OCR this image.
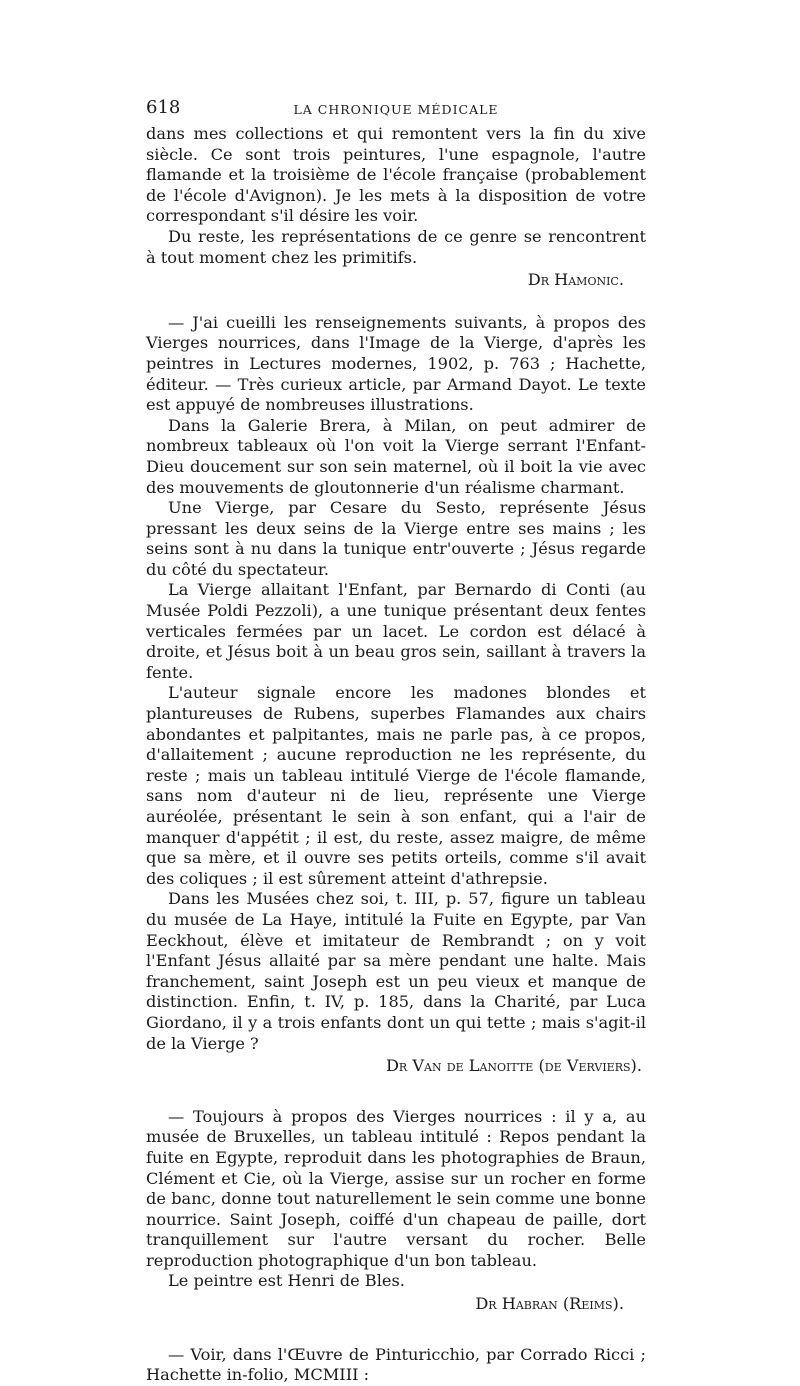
618	LA CHRONIQUE MÉDICALE

dans mes collections et qui remontent vers la fin du xive siècle. Ce sont trois peintures, l'une espagnole, l'autre flamande et la troisième de l'école française (probablement de l'école d'Avignon). Je les mets à la disposition de votre correspondant s'il désire les voir.

Du reste, les représentations de ce genre se rencontrent à tout moment chez les primitifs.

Dr Hamonic.

— J'ai cueilli les renseignements suivants, à propos des Vierges nourrices, dans l'Image de la Vierge, d'après les peintres in Lectures modernes, 1902, p. 763 ; Hachette, éditeur. — Très curieux article, par Armand Dayot. Le texte est appuyé de nombreuses illustrations.

Dans la Galerie Brera, à Milan, on peut admirer de nombreux tableaux où l'on voit la Vierge serrant l'Enfant-Dieu doucement sur son sein maternel, où il boit la vie avec des mouvements de gloutonnerie d'un réalisme charmant.

Une Vierge, par Cesare du Sesto, représente Jésus pressant les deux seins de la Vierge entre ses mains ; les seins sont à nu dans la tunique entr'ouverte ; Jésus regarde du côté du spectateur.

La Vierge allaitant l'Enfant, par Bernardo di Conti (au Musée Poldi Pezzoli), a une tunique présentant deux fentes verticales fermées par un lacet. Le cordon est délacé à droite, et Jésus boit à un beau gros sein, saillant à travers la fente.

L'auteur signale encore les madones blondes et plantureuses de Rubens, superbes Flamandes aux chairs abondantes et palpitantes, mais ne parle pas, à ce propos, d'allaitement ; aucune reproduction ne les représente, du reste ; mais un tableau intitulé Vierge de l'école flamande, sans nom d'auteur ni de lieu, représente une Vierge auréolée, présentant le sein à son enfant, qui a l'air de manquer d'appétit ; il est, du reste, assez maigre, de même que sa mère, et il ouvre ses petits orteils, comme s'il avait des coliques ; il est sûrement atteint d'athrepsie.

Dans les Musées chez soi, t. III, p. 57, figure un tableau du musée de La Haye, intitulé la Fuite en Egypte, par Van Eeckhout, élève et imitateur de Rembrandt ; on y voit l'Enfant Jésus allaité par sa mère pendant une halte. Mais franchement, saint Joseph est un peu vieux et manque de distinction. Enfin, t. IV, p. 185, dans la Charité, par Luca Giordano, il y a trois enfants dont un qui tette ; mais s'agit-il de la Vierge ?

Dr Van de Lanoitte (de Verviers).

— Toujours à propos des Vierges nourrices : il y a, au musée de Bruxelles, un tableau intitulé : Repos pendant la fuite en Egypte, reproduit dans les photographies de Braun, Clément et Cie, où la Vierge, assise sur un rocher en forme de banc, donne tout naturellement le sein comme une bonne nourrice. Saint Joseph, coiffé d'un chapeau de paille, dort tranquillement sur l'autre versant du rocher. Belle reproduction photographique d'un bon tableau.

Le peintre est Henri de Bles.

Dr Habran (Reims).

— Voir, dans l'Œuvre de Pinturicchio, par Corrado Ricci ; Hachette in-folio, MCMIII :
